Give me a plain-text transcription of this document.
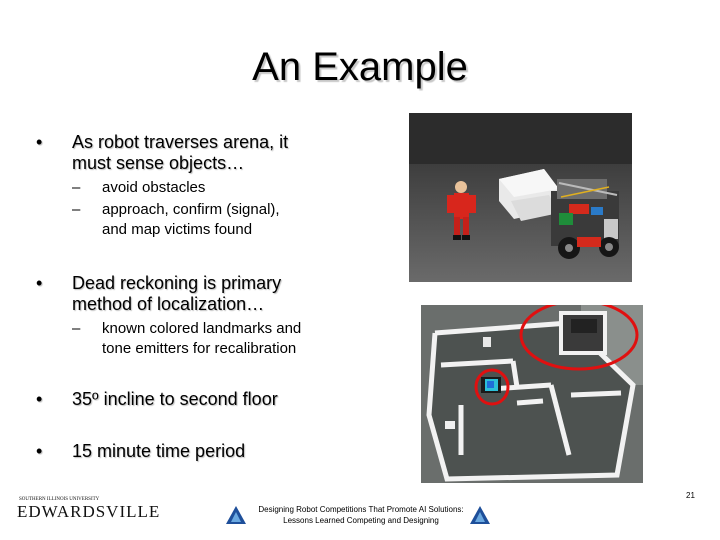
An Example
• As robot traverses arena, it
must sense objects…
– avoid obstacles
– approach, confirm (signal),
and map victims found
• Dead reckoning is primary
method of localization…
– known colored landmarks and
tone emitters for recalibration
• 35º incline to second floor
• 15 minute time period
SOUTHERN ILLINOIS UNIVERSITY
EDWARDSVILLE	Designing Robot Competitions That Promote AI Solutions:
Lessons Learned Competing and Designing
21
